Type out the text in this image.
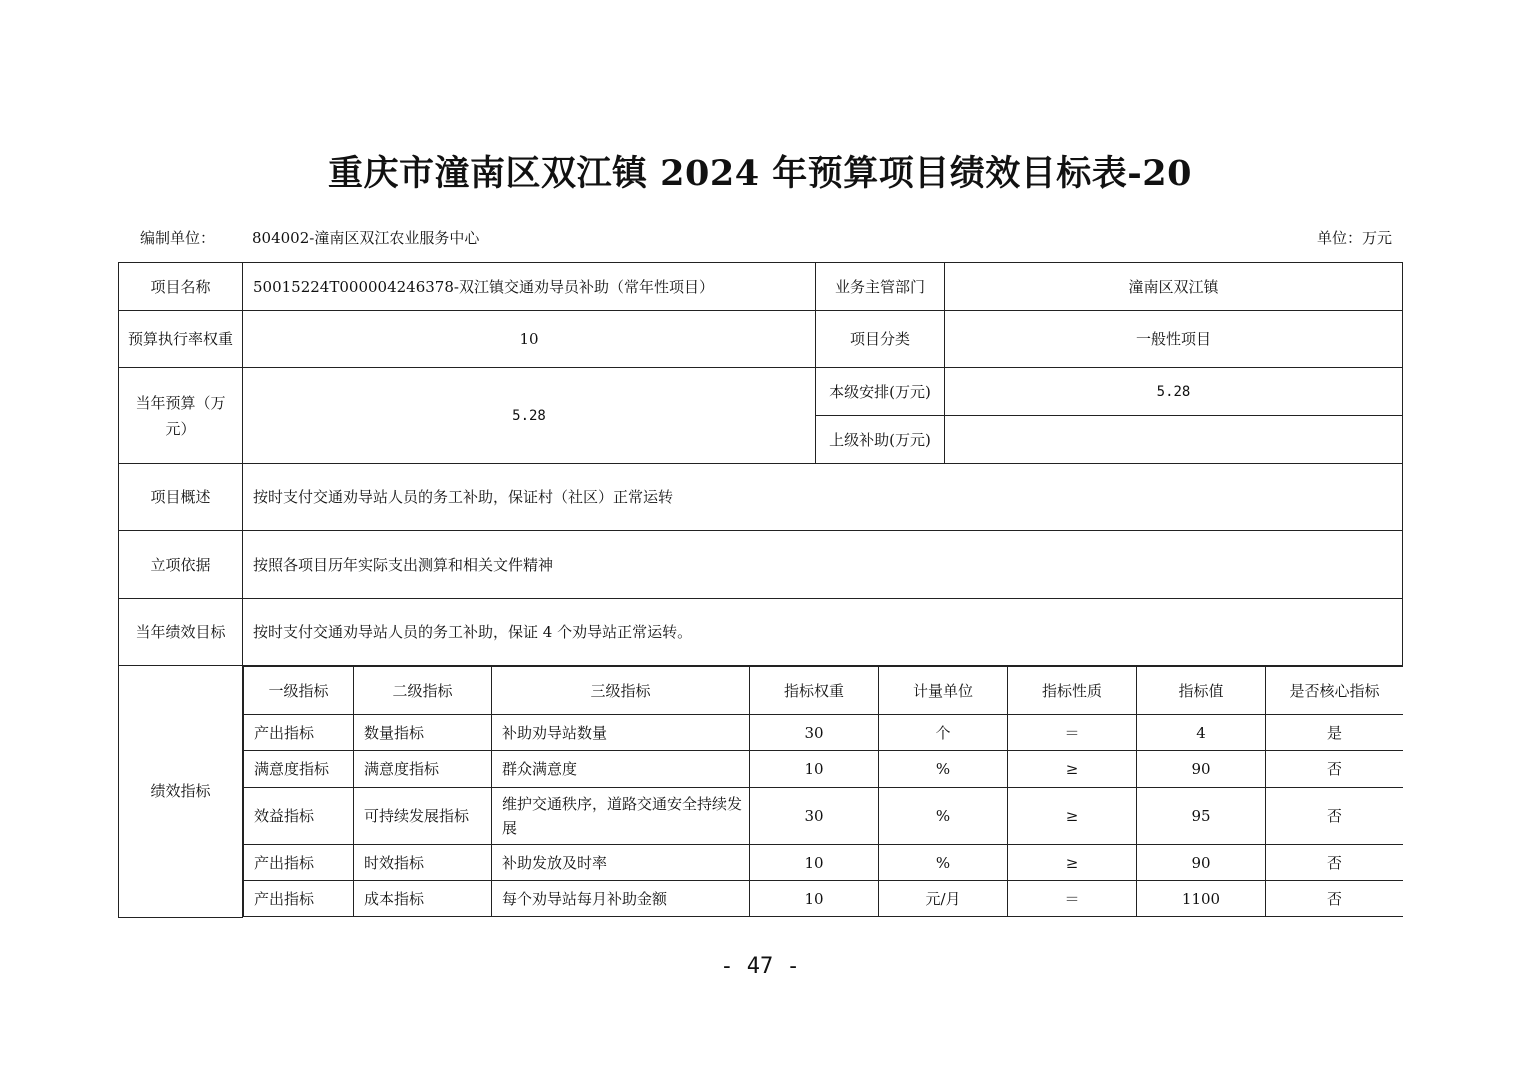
重庆市潼南区双江镇 2024 年预算项目绩效目标表-20
编制单位： 804002-潼南区双江农业服务中心	单位：万元
项目名称	50015224T000004246378-双江镇交通劝导员补助（常年性项目）	业务主管部门	潼南区双江镇
预算执行率权重	10	项目分类	一般性项目
当年预算（万元）	5.28	本级安排(万元)	5.28
上级补助(万元)	
项目概述	按时支付交通劝导站人员的务工补助，保证村（社区）正常运转
立项依据	按照各项目历年实际支出测算和相关文件精神
当年绩效目标	按时支付交通劝导站人员的务工补助，保证 4 个劝导站正常运转。
绩效指标	
一级指标	二级指标	三级指标	指标权重	计量单位	指标性质	指标值	是否核心指标
产出指标	数量指标	补助劝导站数量	30	个	＝	4	是
满意度指标	满意度指标	群众满意度	10	%	≥	90	否
效益指标	可持续发展指标	维护交通秩序，道路交通安全持续发展	30	%	≥	95	否
产出指标	时效指标	补助发放及时率	10	%	≥	90	否
产出指标	成本指标	每个劝导站每月补助金额	10	元/月	＝	1100	否
- 47 -
